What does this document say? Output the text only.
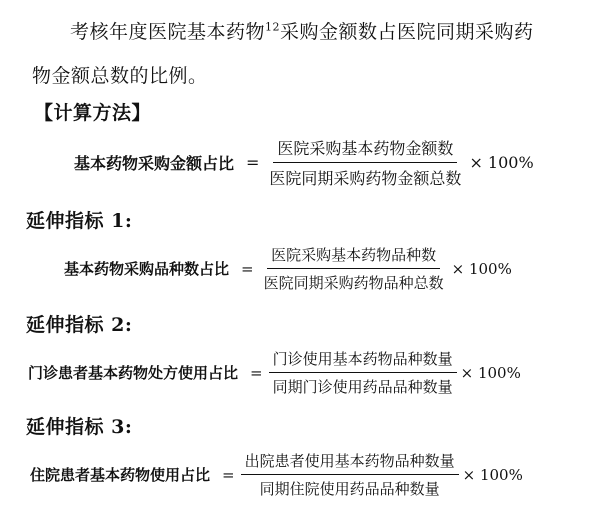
考核年度医院基本药物$^{12}$采购金额数占医院同期采购药
物金额总数的比例。
【计算方法】
基本药物采购金额占比 = $\frac{\text{医院采购基本药物金额数}}{\text{医院同期采购药物金额总数}} \times 100\%$
延伸指标 1:
基本药物采购品种数占比 = $\frac{\text{医院采购基本药物品种数}}{\text{医院同期采购药物品种总数}} \times 100\%$
延伸指标 2:
门诊患者基本药物处方使用占比 = $\frac{\text{门诊使用基本药物品种数量}}{\text{同期门诊使用药品品种数量}} \times 100\%$
延伸指标 3:
住院患者基本药物使用占比 = $\frac{\text{出院患者使用基本药物品种数量}}{\text{同期住院使用药品品种数量}} \times 100\%$
